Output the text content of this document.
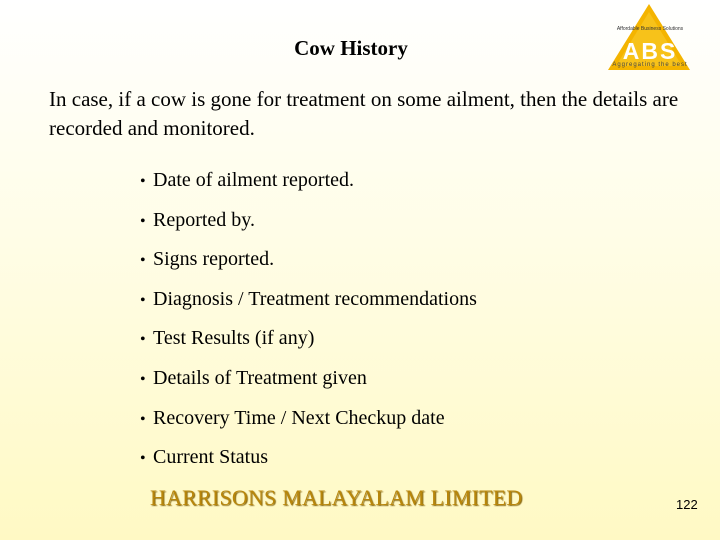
Cow History
Affordable Business Solutions
ABS
Aggregating the best
In case, if a cow is gone for treatment on some ailment, then the details are recorded and monitored.
• Date of ailment reported.
• Reported by.
• Signs reported.
• Diagnosis / Treatment recommendations
• Test Results (if any)
• Details of Treatment given
• Recovery Time / Next Checkup date
• Current Status
HARRISONS MALAYALAM LIMITED	122
